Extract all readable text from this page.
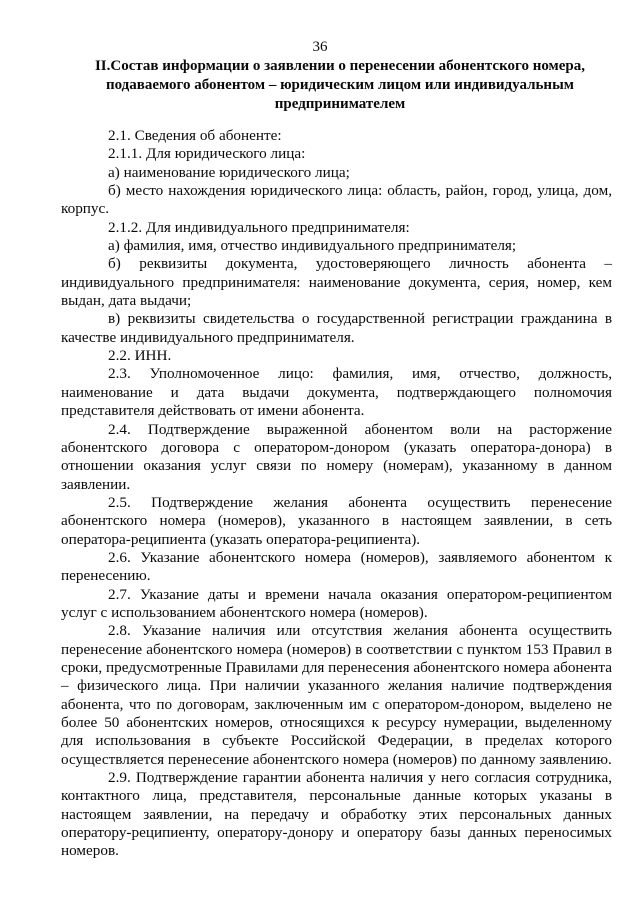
36
II.Состав информации о заявлении о перенесении абонентского номера, подаваемого абонентом – юридическим лицом или индивидуальным предпринимателем

2.1. Сведения об абоненте:

2.1.1. Для юридического лица:

а) наименование юридического лица;

б) место нахождения юридического лица: область, район, город, улица, дом, корпус.

2.1.2. Для индивидуального предпринимателя:

а) фамилия, имя, отчество индивидуального предпринимателя;

б) реквизиты документа, удостоверяющего личность абонента – индивидуального предпринимателя: наименование документа, серия, номер, кем выдан, дата выдачи;

в) реквизиты свидетельства о государственной регистрации гражданина в качестве индивидуального предпринимателя.

2.2. ИНН.

2.3. Уполномоченное лицо: фамилия, имя, отчество, должность, наименование и дата выдачи документа, подтверждающего полномочия представителя действовать от имени абонента.

2.4. Подтверждение выраженной абонентом воли на расторжение абонентского договора с оператором-донором (указать оператора-донора) в отношении оказания услуг связи по номеру (номерам), указанному в данном заявлении.

2.5. Подтверждение желания абонента осуществить перенесение абонентского номера (номеров), указанного в настоящем заявлении, в сеть оператора-реципиента (указать оператора-реципиента).

2.6. Указание абонентского номера (номеров), заявляемого абонентом к перенесению.

2.7. Указание даты и времени начала оказания оператором-реципиентом услуг с использованием абонентского номера (номеров).

2.8. Указание наличия или отсутствия желания абонента осуществить перенесение абонентского номера (номеров) в соответствии с пунктом 153 Правил в сроки, предусмотренные Правилами для перенесения абонентского номера абонента – физического лица. При наличии указанного желания наличие подтверждения абонента, что по договорам, заключенным им с оператором-донором, выделено не более 50 абонентских номеров, относящихся к ресурсу нумерации, выделенному для использования в субъекте Российской Федерации, в пределах которого осуществляется перенесение абонентского номера (номеров) по данному заявлению.

2.9. Подтверждение гарантии абонента наличия у него согласия сотрудника, контактного лица, представителя, персональные данные которых указаны в настоящем заявлении, на передачу и обработку этих персональных данных оператору-реципиенту, оператору-донору и оператору базы данных переносимых номеров.
